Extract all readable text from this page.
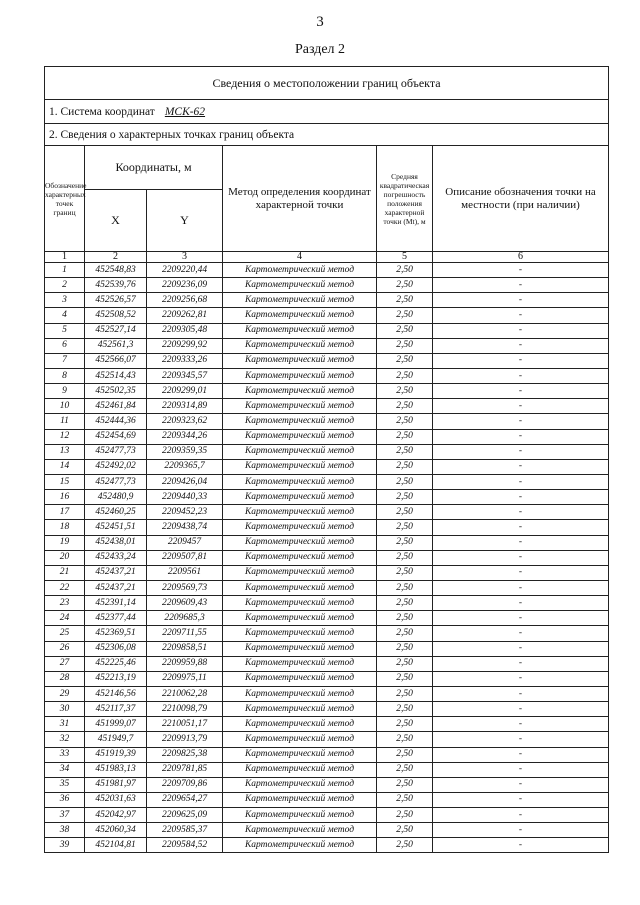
3
Раздел 2
Сведения о местоположении границ объекта					
1. Система координат МСК-62					
2. Сведения о характерных точках границ объекта					
Обозначение характерных точек границ	Координаты, м		Метод определения координат характерной точки	Средняя квадратическая погрешность положения характерной точки (Mt), м	Описание обозначения точки на местности (при наличии)
	X	Y			
1	2	3	4	5	6
1	452548,83	2209220,44	Картометрический метод	2,50	-
2	452539,76	2209236,09	Картометрический метод	2,50	-
3	452526,57	2209256,68	Картометрический метод	2,50	-
4	452508,52	2209262,81	Картометрический метод	2,50	-
5	452527,14	2209305,48	Картометрический метод	2,50	-
6	452561,3	2209299,92	Картометрический метод	2,50	-
7	452566,07	2209333,26	Картометрический метод	2,50	-
8	452514,43	2209345,57	Картометрический метод	2,50	-
9	452502,35	2209299,01	Картометрический метод	2,50	-
10	452461,84	2209314,89	Картометрический метод	2,50	-
11	452444,36	2209323,62	Картометрический метод	2,50	-
12	452454,69	2209344,26	Картометрический метод	2,50	-
13	452477,73	2209359,35	Картометрический метод	2,50	-
14	452492,02	2209365,7	Картометрический метод	2,50	-
15	452477,73	2209426,04	Картометрический метод	2,50	-
16	452480,9	2209440,33	Картометрический метод	2,50	-
17	452460,25	2209452,23	Картометрический метод	2,50	-
18	452451,51	2209438,74	Картометрический метод	2,50	-
19	452438,01	2209457	Картометрический метод	2,50	-
20	452433,24	2209507,81	Картометрический метод	2,50	-
21	452437,21	2209561	Картометрический метод	2,50	-
22	452437,21	2209569,73	Картометрический метод	2,50	-
23	452391,14	2209609,43	Картометрический метод	2,50	-
24	452377,44	2209685,3	Картометрический метод	2,50	-
25	452369,51	2209711,55	Картометрический метод	2,50	-
26	452306,08	2209858,51	Картометрический метод	2,50	-
27	452225,46	2209959,88	Картометрический метод	2,50	-
28	452213,19	2209975,11	Картометрический метод	2,50	-
29	452146,56	2210062,28	Картометрический метод	2,50	-
30	452117,37	2210098,79	Картометрический метод	2,50	-
31	451999,07	2210051,17	Картометрический метод	2,50	-
32	451949,7	2209913,79	Картометрический метод	2,50	-
33	451919,39	2209825,38	Картометрический метод	2,50	-
34	451983,13	2209781,85	Картометрический метод	2,50	-
35	451981,97	2209709,86	Картометрический метод	2,50	-
36	452031,63	2209654,27	Картометрический метод	2,50	-
37	452042,97	2209625,09	Картометрический метод	2,50	-
38	452060,34	2209585,37	Картометрический метод	2,50	-
39	452104,81	2209584,52	Картометрический метод	2,50	-
